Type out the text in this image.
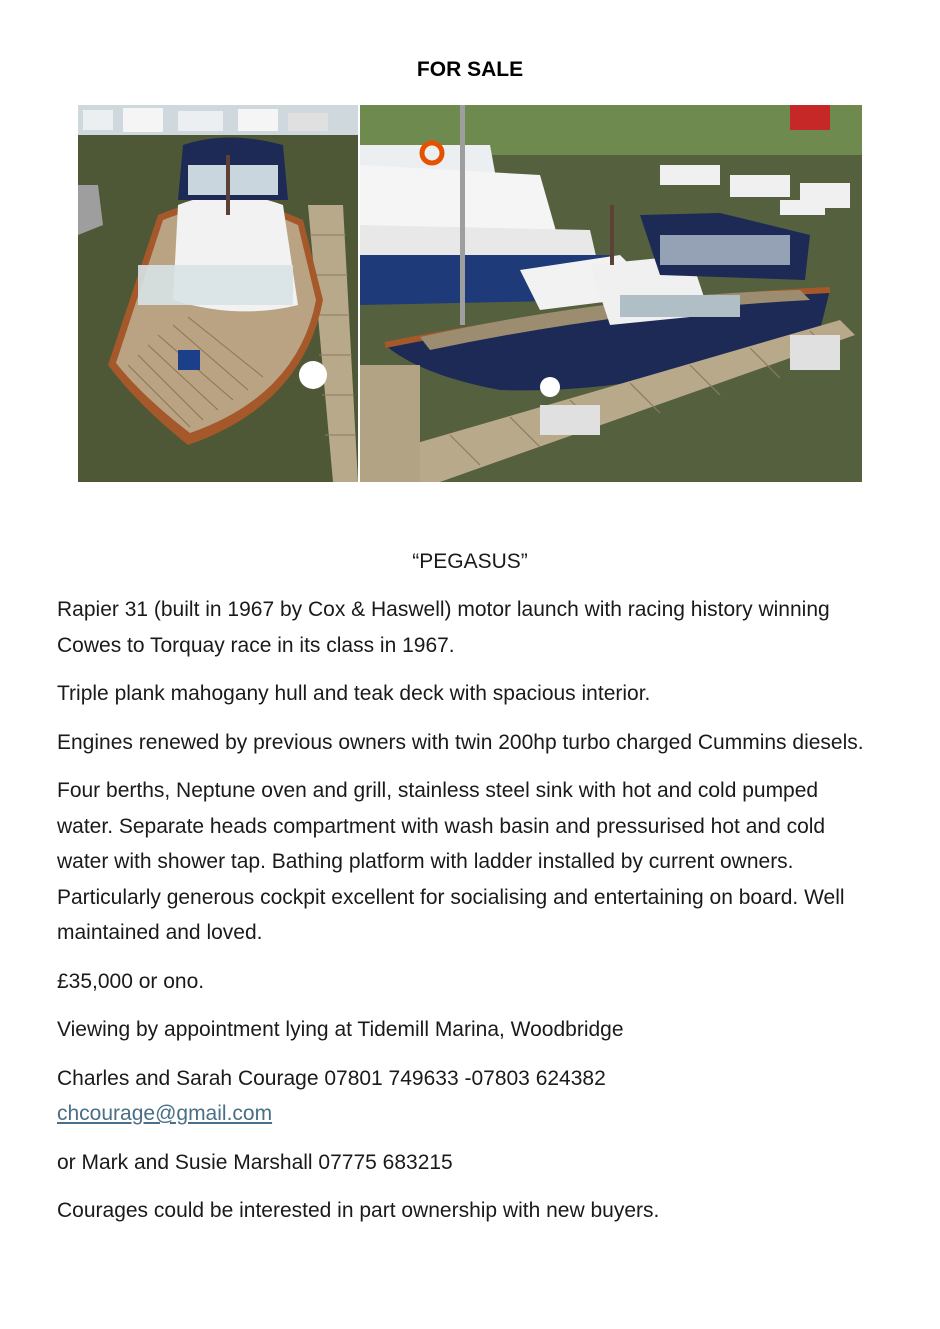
FOR SALE
“PEGASUS”

Rapier 31 (built in 1967 by Cox & Haswell) motor launch with racing history winning Cowes to Torquay race in its class in 1967.

Triple plank mahogany hull and teak deck with spacious interior.

Engines renewed by previous owners with twin 200hp turbo charged Cummins diesels.

Four berths, Neptune oven and grill, stainless steel sink with hot and cold pumped water. Separate heads compartment with wash basin and pressurised hot and cold water with shower tap. Bathing platform with ladder installed by current owners. Particularly generous cockpit excellent for socialising and entertaining on board. Well maintained and loved.

£35,000 or ono.

Viewing by appointment lying at Tidemill Marina, Woodbridge

Charles and Sarah Courage 07801 749633 -07803 624382

chcourage@gmail.com

or Mark and Susie Marshall 07775 683215

Courages could be interested in part ownership with new buyers.
